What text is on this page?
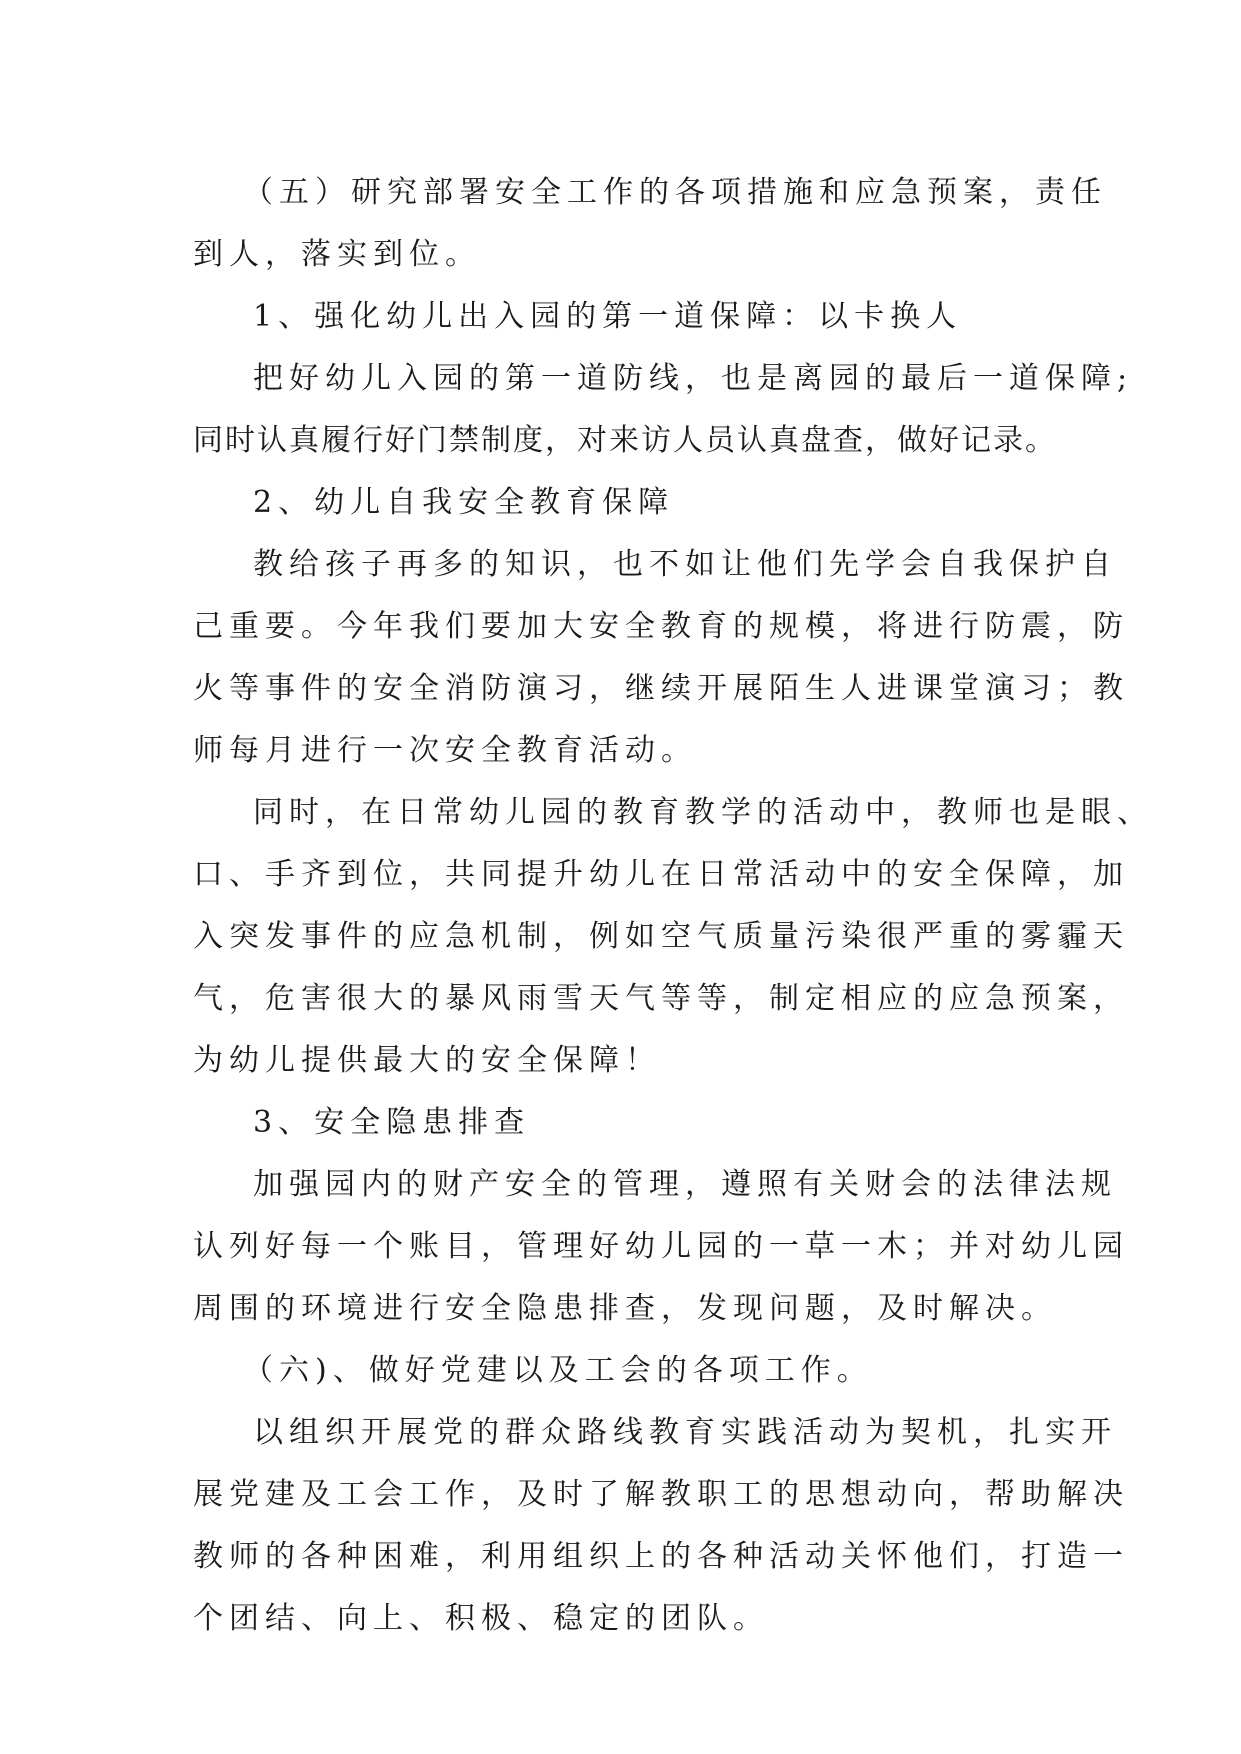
（五）研究部署安全工作的各项措施和应急预案，责任
到人，落实到位。
1、强化幼儿出入园的第一道保障：以卡换人
把好幼儿入园的第一道防线，也是离园的最后一道保障;
同时认真履行好门禁制度，对来访人员认真盘查，做好记录。
2、幼儿自我安全教育保障
教给孩子再多的知识，也不如让他们先学会自我保护自
己重要。今年我们要加大安全教育的规模，将进行防震，防
火等事件的安全消防演习，继续开展陌生人进课堂演习；教
师每月进行一次安全教育活动。
同时，在日常幼儿园的教育教学的活动中，教师也是眼、
口、手齐到位，共同提升幼儿在日常活动中的安全保障，加
入突发事件的应急机制，例如空气质量污染很严重的雾霾天
气，危害很大的暴风雨雪天气等等，制定相应的应急预案，
为幼儿提供最大的安全保障！
3、安全隐患排查
加强园内的财产安全的管理，遵照有关财会的法律法规
认列好每一个账目，管理好幼儿园的一草一木；并对幼儿园
周围的环境进行安全隐患排查，发现问题，及时解决。
（六)、做好党建以及工会的各项工作。
以组织开展党的群众路线教育实践活动为契机，扎实开
展党建及工会工作，及时了解教职工的思想动向，帮助解决
教师的各种困难，利用组织上的各种活动关怀他们，打造一
个团结、向上、积极、稳定的团队。
